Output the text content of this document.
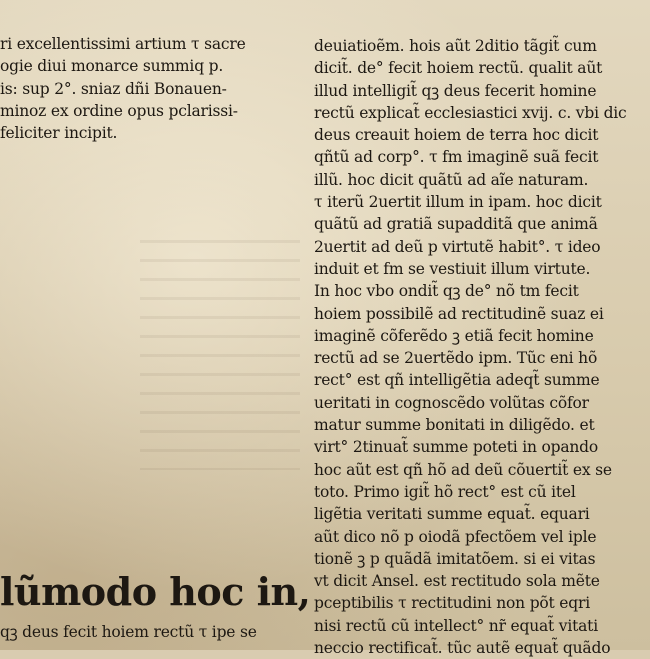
ri excellentissimi artium τ sacre
ogie diui monarce summiq p.
is: sup 2°. sniaz dñi Bonauen-
minoz ex ordine opus pclarissi-
feliciter incipit.
lũmodo hoc in,
qꝫ deus fecit hoiem rectũ τ ipe se
deuiatioẽm. hois aũt 2ditio tãgit̃ cum
dicit̃. de° fecit hoiem rectũ. qualit aũt
illud intelligit̃ qꝫ deus fecerit homine
rectũ explicat̃ ecclesiastici xvij. c. vbi dic
deus creauit hoiem de terra hoc dicit
qñtũ ad corp°. τ fm imaginẽ suã fecit
illũ. hoc dicit quãtũ ad aĩe naturam.
τ iterũ 2uertit illum in ipam. hoc dicit
quãtũ ad gratiã supadditã que animã
2uertit ad deũ p virtutẽ habit°. τ ideo
induit et fm se vestiuit illum virtute.
In hoc vbo ondit̃ qꝫ de° nõ tm fecit
hoiem possibilẽ ad rectitudinẽ suaz ei
imaginẽ cõferẽdo ꝫ etiã fecit homine
rectũ ad se 2uertẽdo ipm. Tũc eni hõ
rect° est qñ intelligẽtia adeqt̃ summe
ueritati in cognoscẽdo volũtas cõfor
matur summe bonitati in diligẽdo. et
virt° 2tinuat̃ summe poteti in opando
hoc aũt est qñ hõ ad deũ cõuertit̃ ex se
toto. Primo igit̃ hõ rect° est cũ itel
ligẽtia veritati summe equat̃. equari
aũt dico nõ p oiodã pfectõem vel iple
tionẽ ꝫ p quãdã imitatõem. si ei vitas
vt dicit Ansel. est rectitudo sola mẽte
pceptibilis τ rectitudini non põt eqri
nisi rectũ cũ intellect° nr̃ equat̃ vitati
neccio rectificat̃. tũc autẽ equat̃ quãdo
